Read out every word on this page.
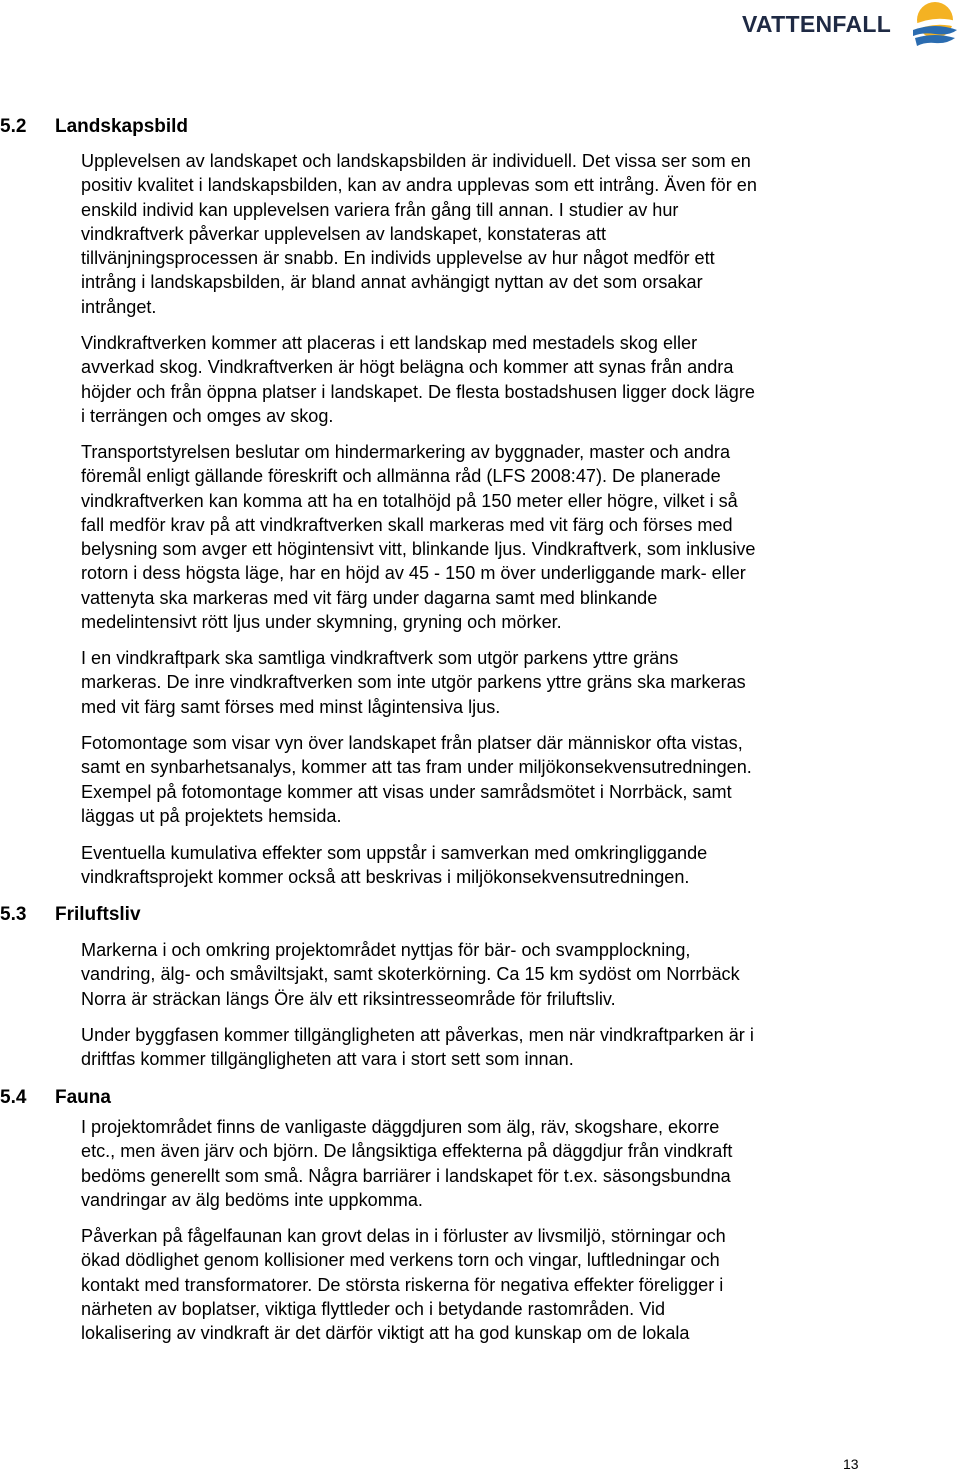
VATTENFALL
5.2 Landskapsbild

Upplevelsen av landskapet och landskapsbilden är individuell. Det vissa ser som en
positiv kvalitet i landskapsbilden, kan av andra upplevas som ett intrång. Även för en
enskild individ kan upplevelsen variera från gång till annan. I studier av hur
vindkraftverk påverkar upplevelsen av landskapet, konstateras att
tillvänjningsprocessen är snabb. En individs upplevelse av hur något medför ett
intrång i landskapsbilden, är bland annat avhängigt nyttan av det som orsakar
intrånget.

Vindkraftverken kommer att placeras i ett landskap med mestadels skog eller
avverkad skog. Vindkraftverken är högt belägna och kommer att synas från andra
höjder och från öppna platser i landskapet. De flesta bostadshusen ligger dock lägre
i terrängen och omges av skog.

Transportstyrelsen beslutar om hindermarkering av byggnader, master och andra
föremål enligt gällande föreskrift och allmänna råd (LFS 2008:47). De planerade
vindkraftverken kan komma att ha en totalhöjd på 150 meter eller högre, vilket i så
fall medför krav på att vindkraftverken skall markeras med vit färg och förses med
belysning som avger ett högintensivt vitt, blinkande ljus. Vindkraftverk, som inklusive
rotorn i dess högsta läge, har en höjd av 45 - 150 m över underliggande mark- eller
vattenyta ska markeras med vit färg under dagarna samt med blinkande
medelintensivt rött ljus under skymning, gryning och mörker.

I en vindkraftpark ska samtliga vindkraftverk som utgör parkens yttre gräns
markeras. De inre vindkraftverken som inte utgör parkens yttre gräns ska markeras
med vit färg samt förses med minst lågintensiva ljus.

Fotomontage som visar vyn över landskapet från platser där människor ofta vistas,
samt en synbarhetsanalys, kommer att tas fram under miljökonsekvensutredningen.
Exempel på fotomontage kommer att visas under samrådsmötet i Norrbäck, samt
läggas ut på projektets hemsida.

Eventuella kumulativa effekter som uppstår i samverkan med omkringliggande
vindkraftsprojekt kommer också att beskrivas i miljökonsekvensutredningen.

5.3 Friluftsliv

Markerna i och omkring projektområdet nyttjas för bär- och svampplockning,
vandring, älg- och småviltsjakt, samt skoterkörning. Ca 15 km sydöst om Norrbäck
Norra är sträckan längs Öre älv ett riksintresseområde för friluftsliv.

Under byggfasen kommer tillgängligheten att påverkas, men när vindkraftparken är i
driftfas kommer tillgängligheten att vara i stort sett som innan.

5.4 Fauna

I projektområdet finns de vanligaste däggdjuren som älg, räv, skogshare, ekorre
etc., men även järv och björn. De långsiktiga effekterna på däggdjur från vindkraft
bedöms generellt som små. Några barriärer i landskapet för t.ex. säsongsbundna
vandringar av älg bedöms inte uppkomma.

Påverkan på fågelfaunan kan grovt delas in i förluster av livsmiljö, störningar och
ökad dödlighet genom kollisioner med verkens torn och vingar, luftledningar och
kontakt med transformatorer. De största riskerna för negativa effekter föreligger i
närheten av boplatser, viktiga flyttleder och i betydande rastområden. Vid
lokalisering av vindkraft är det därför viktigt att ha god kunskap om de lokala

13
